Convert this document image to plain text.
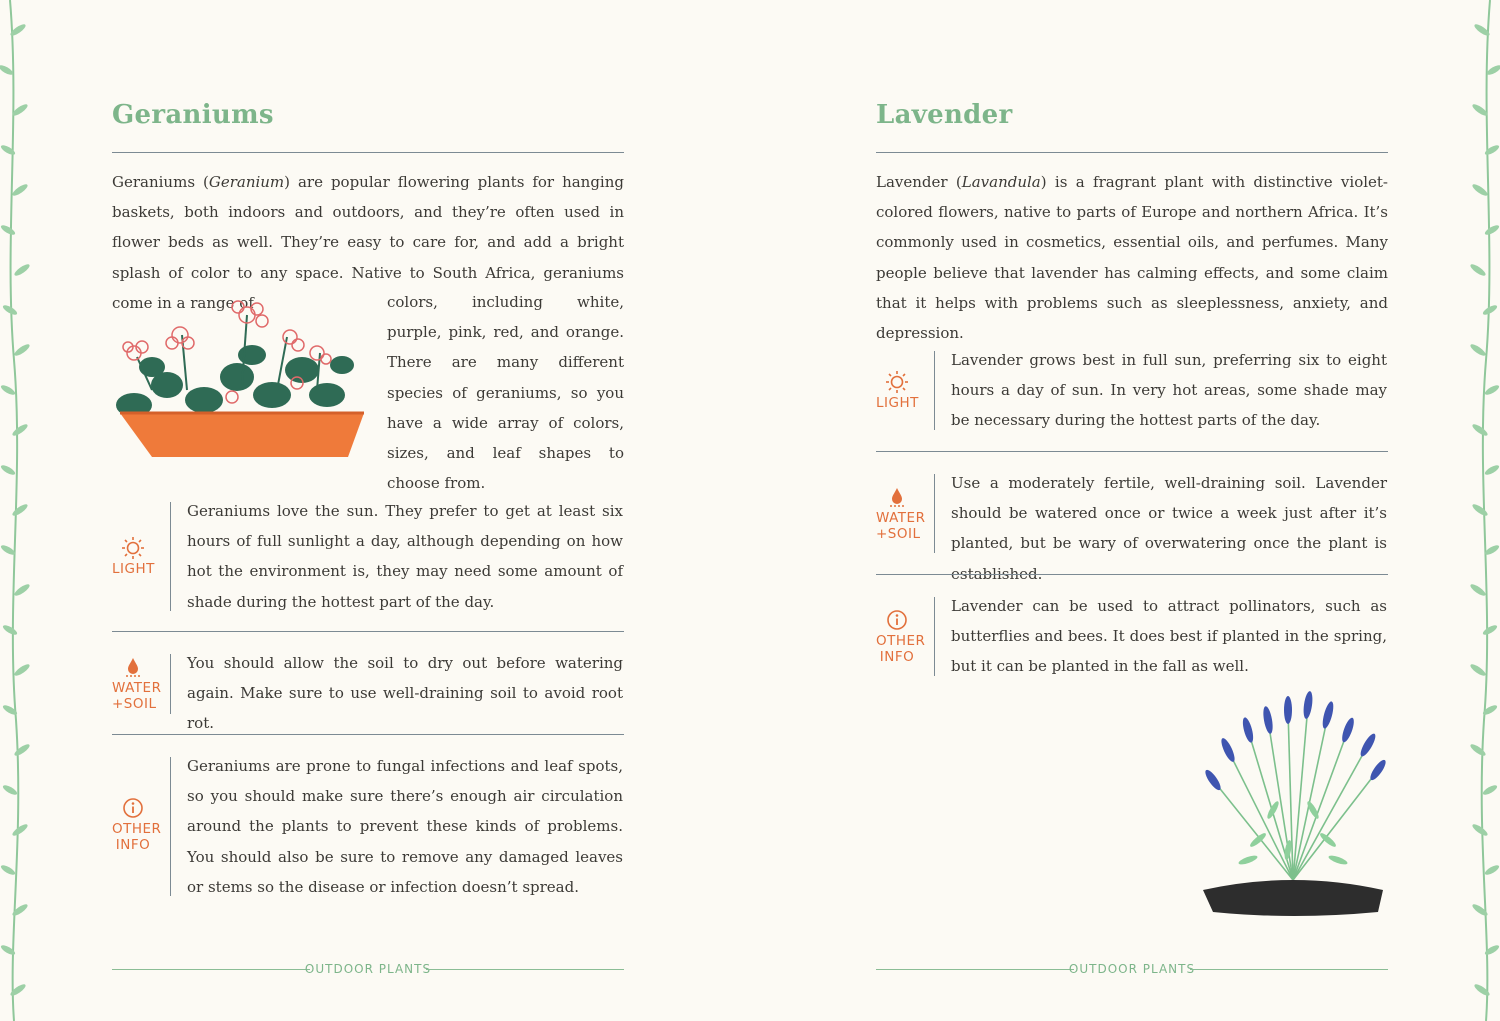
Geraniums

Geraniums (Geranium) are popular flowering plants for hanging baskets, both indoors and outdoors, and they’re often used in flower beds as well. They’re easy to care for, and add a bright splash of color to any space. Native to South Africa, geraniums come in a range of	colors, including white, purple, pink, red, and orange. There are many different species of geraniums, so you have a wide array of colors, sizes, and leaf shapes to choose from.

LIGHT

Geraniums love the sun. They prefer to get at least six hours of full sunlight a day, although depending on how hot the environment is, they may need some amount of shade during the hottest part of the day.

WATER
+SOIL

You should allow the soil to dry out before watering again. Make sure to use well-draining soil to avoid root rot.

OTHER
INFO

Geraniums are prone to fungal infections and leaf spots, so you should make sure there’s enough air circulation around the plants to prevent these kinds of problems. You should also be sure to remove any damaged leaves or stems so the disease or infection doesn’t spread.

OUTDOOR PLANTS
Lavender

Lavender (Lavandula) is a fragrant plant with distinctive violet-colored flowers, native to parts of Europe and northern Africa. It’s commonly used in cosmetics, essential oils, and perfumes. Many people believe that lavender has calming effects, and some claim that it helps with problems such as sleeplessness, anxiety, and depression.

LIGHT

Lavender grows best in full sun, preferring six to eight hours a day of sun. In very hot areas, some shade may be necessary during the hottest parts of the day.

WATER
+SOIL

Use a moderately fertile, well-draining soil. Lavender should be watered once or twice a week just after it’s planted, but be wary of overwatering once the plant is established.

OTHER
INFO

Lavender can be used to attract pollinators, such as butterflies and bees. It does best if planted in the spring, but it can be planted in the fall as well.

OUTDOOR PLANTS
